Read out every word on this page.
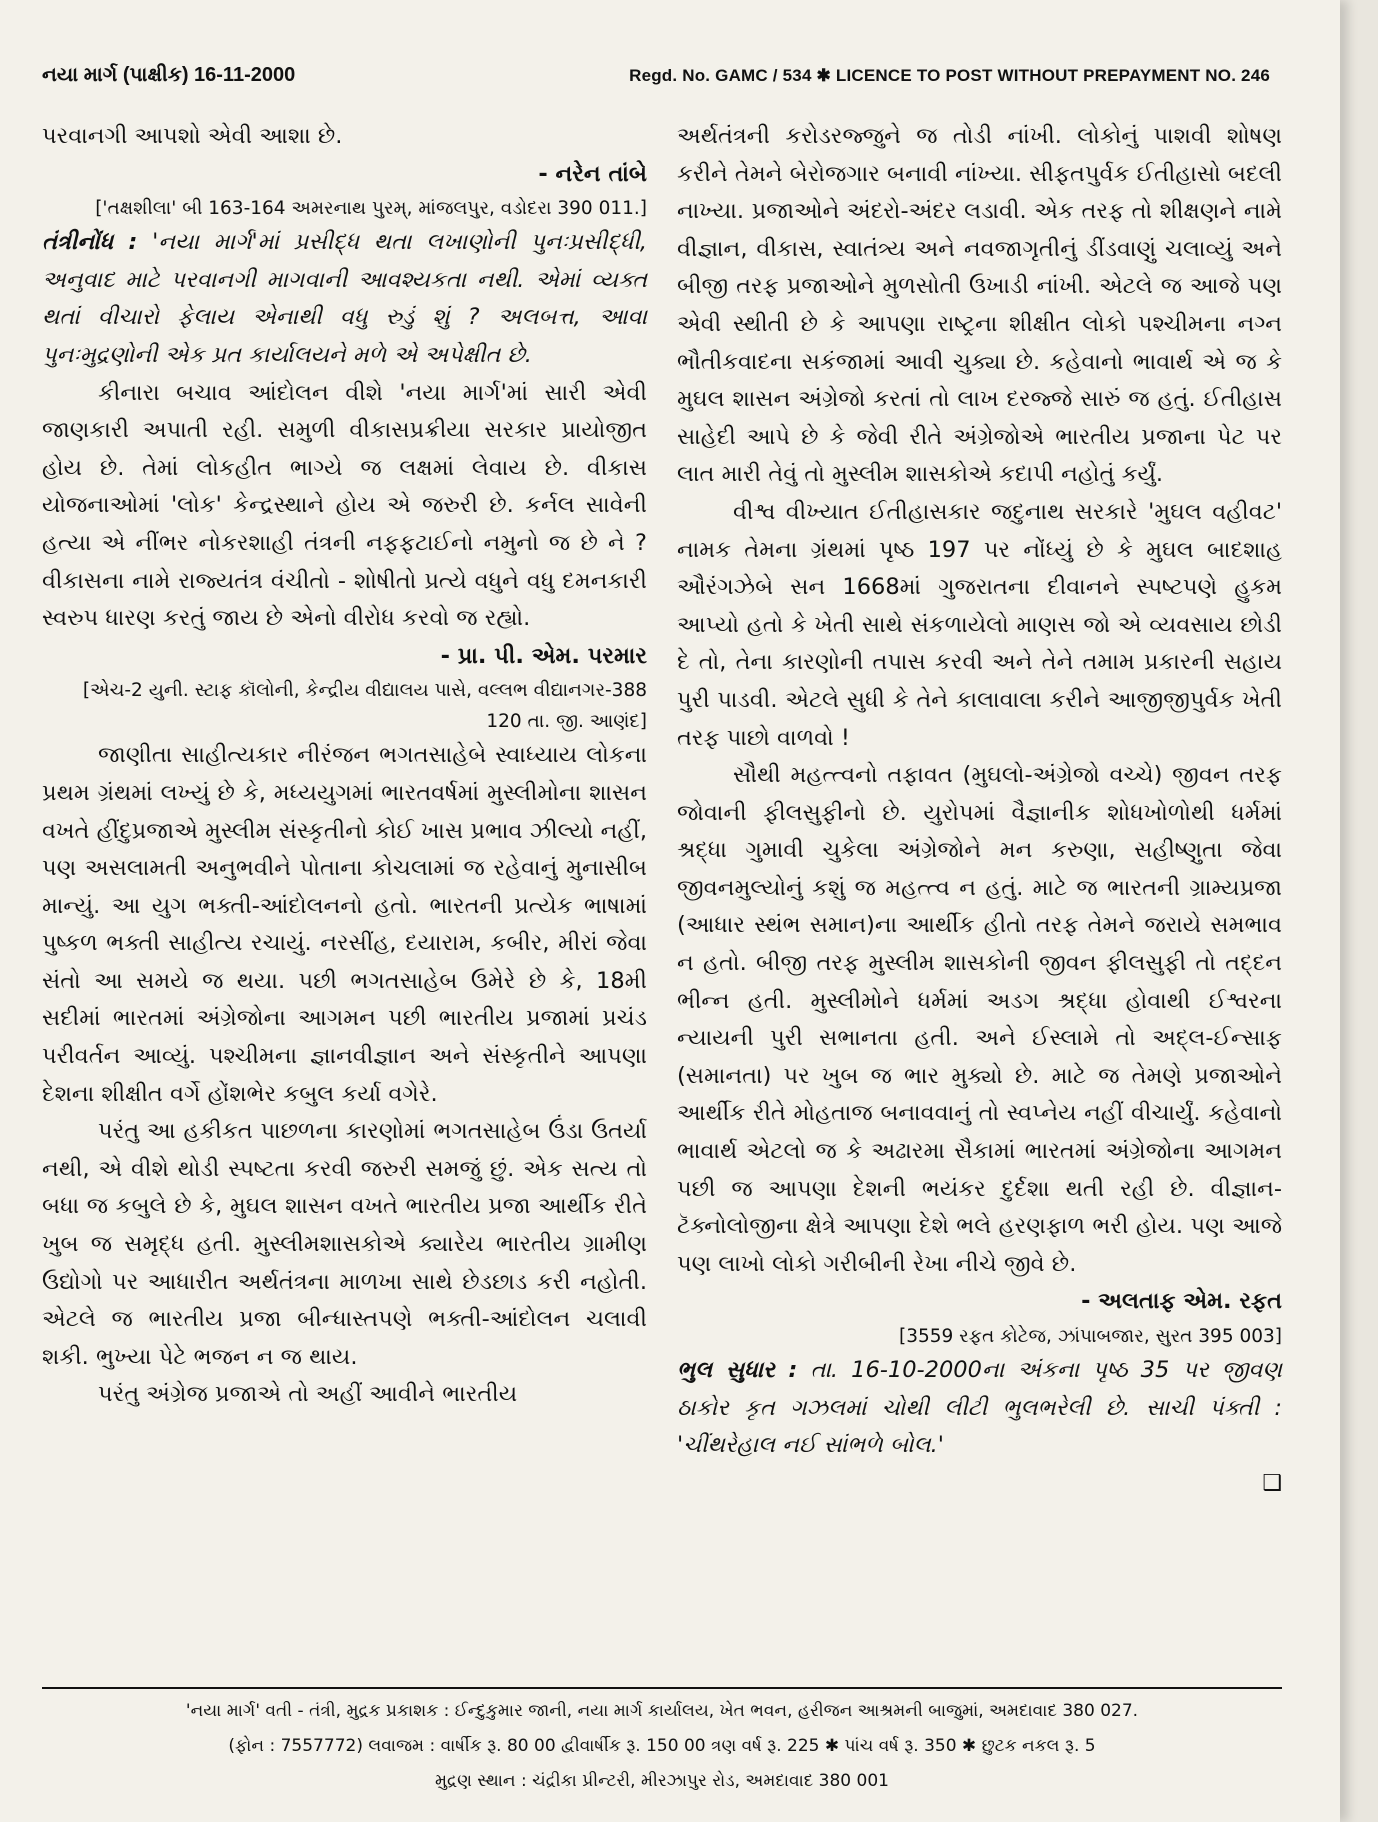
નયા માર્ગ (પાક્ષીક) 16-11-2000	Regd. No. GAMC / 534 ✱ LICENCE TO POST WITHOUT PREPAYMENT NO. 246

પરવાનગી આપશો એવી આશા છે.

- નરેન તાંબે

['તક્ષશીલા' બી 163-164 અમરનાથ પુરમ્, માંજલપુર, વડોદરા 390 011.]

તંત્રીનોંધ : 'નયા માર્ગ'માં પ્રસીદ્ધ થતા લખાણોની પુનઃપ્રસીદ્ધી, અનુવાદ માટે પરવાનગી માગવાની આવશ્યકતા નથી. એમાં વ્યક્ત થતાં વીચારો ફેલાય એનાથી વધુ રુડું શું ? અલબત્ત, આવા પુનઃમુદ્રણોની એક પ્રત કાર્યાલયને મળે એ અપેક્ષીત છે.

કીનારા બચાવ આંદોલન વીશે 'નયા માર્ગ'માં સારી એવી જાણકારી અપાતી રહી. સમુળી વીકાસપ્રક્રીયા સરકાર પ્રાયોજીત હોય છે. તેમાં લોકહીત ભાગ્યે જ લક્ષમાં લેવાય છે. વીકાસ યોજનાઓમાં 'લોક' કેન્દ્રસ્થાને હોય એ જરુરી છે. કર્નલ સાવેની હત્યા એ નીંભર નોકરશાહી તંત્રની નફફટાઈનો નમુનો જ છે ને ? વીકાસના નામે રાજ્યતંત્ર વંચીતો - શોષીતો પ્રત્યે વધુને વધુ દમનકારી સ્વરુપ ધારણ કરતું જાય છે એનો વીરોધ કરવો જ રહ્યો.

- પ્રા. પી. એમ. પરમાર

[એચ-2 યુની. સ્ટાફ કૉલોની, કેન્દ્રીય વીદ્યાલય પાસે, વલ્લભ વીદ્યાનગર-388 120 તા. જી. આણંદ]

જાણીતા સાહીત્યકાર નીરંજન ભગતસાહેબે સ્વાધ્યાય લોકના પ્રથમ ગ્રંથમાં લખ્યું છે કે, મધ્યયુગમાં ભારતવર્ષમાં મુસ્લીમોના શાસન વખતે હીંદુપ્રજાએ મુસ્લીમ સંસ્કૃતીનો કોઈ ખાસ પ્રભાવ ઝીલ્યો નહીં, પણ અસલામતી અનુભવીને પોતાના કોચલામાં જ રહેવાનું મુનાસીબ માન્યું. આ યુગ ભક્તી-આંદોલનનો હતો. ભારતની પ્રત્યેક ભાષામાં પુષ્કળ ભક્તી સાહીત્ય રચાયું. નરસીંહ, દયારામ, કબીર, મીરાં જેવા સંતો આ સમયે જ થયા. પછી ભગતસાહેબ ઉમેરે છે કે, 18મી સદીમાં ભારતમાં અંગ્રેજોના આગમન પછી ભારતીય પ્રજામાં પ્રચંડ પરીવર્તન આવ્યું. પશ્ચીમના જ્ઞાનવીજ્ઞાન અને સંસ્કૃતીને આપણા દેશના શીક્ષીત વર્ગે હોંશભેર કબુલ કર્યા વગેરે.

પરંતુ આ હકીકત પાછળના કારણોમાં ભગતસાહેબ ઉંડા ઉતર્યા નથી, એ વીશે થોડી સ્પષ્ટતા કરવી જરુરી સમજું છું. એક સત્ય તો બધા જ કબુલે છે કે, મુઘલ શાસન વખતે ભારતીય પ્રજા આર્થીક રીતે ખુબ જ સમૃદ્ધ હતી. મુસ્લીમશાસકોએ ક્યારેય ભારતીય ગ્રામીણ ઉદ્યોગો પર આધારીત અર્થતંત્રના માળખા સાથે છેડછાડ કરી નહોતી. એટલે જ ભારતીય પ્રજા બીન્ધાસ્તપણે ભક્તી-આંદોલન ચલાવી શકી. ભુખ્યા પેટે ભજન ન જ થાય.

પરંતુ અંગ્રેજ પ્રજાએ તો અહીં આવીને ભારતીય

અર્થતંત્રની કરોડરજ્જુને જ તોડી નાંખી. લોકોનું પાશવી શોષણ કરીને તેમને બેરોજગાર બનાવી નાંખ્યા. સીફતપુર્વક ઈતીહાસો બદલી નાખ્યા. પ્રજાઓને અંદરો-અંદર લડાવી. એક તરફ તો શીક્ષણને નામે વીજ્ઞાન, વીકાસ, સ્વાતંત્ર્ય અને નવજાગૃતીનું ડીંડવાણું ચલાવ્યું અને બીજી તરફ પ્રજાઓને મુળસોતી ઉખાડી નાંખી. એટલે જ આજે પણ એવી સ્થીતી છે કે આપણા રાષ્ટ્રના શીક્ષીત લોકો પશ્ચીમના નગ્ન ભૌતીકવાદના સકંજામાં આવી ચુક્યા છે. કહેવાનો ભાવાર્થ એ જ કે મુઘલ શાસન અંગ્રેજો કરતાં તો લાખ દરજ્જે સારું જ હતું. ઈતીહાસ સાહેદી આપે છે કે જેવી રીતે અંગ્રેજોએ ભારતીય પ્રજાના પેટ પર લાત મારી તેવું તો મુસ્લીમ શાસકોએ કદાપી નહોતું કર્યું.

વીશ્વ વીખ્યાત ઈતીહાસકાર જદુનાથ સરકારે 'મુઘલ વહીવટ' નામક તેમના ગ્રંથમાં પૃષ્ઠ 197 પર નોંધ્યું છે કે મુઘલ બાદશાહ ઔરંગઝેબે સન 1668માં ગુજરાતના દીવાનને સ્પષ્ટપણે હુકમ આપ્યો હતો કે ખેતી સાથે સંકળાયેલો માણસ જો એ વ્યવસાય છોડી દે તો, તેના કારણોની તપાસ કરવી અને તેને તમામ પ્રકારની સહાય પુરી પાડવી. એટલે સુધી કે તેને કાલાવાલા કરીને આજીજીપુર્વક ખેતી તરફ પાછો વાળવો !

સૌથી મહત્ત્વનો તફાવત (મુઘલો-અંગ્રેજો વચ્ચે) જીવન તરફ જોવાની ફીલસુફીનો છે. યુરોપમાં વૈજ્ઞાનીક શોધખોળોથી ધર્મમાં શ્રદ્ધા ગુમાવી ચુકેલા અંગ્રેજોને મન કરુણા, સહીષ્ણુતા જેવા જીવનમુલ્યોનું કશું જ મહત્ત્વ ન હતું. માટે જ ભારતની ગ્રામ્યપ્રજા (આધાર સ્થંભ સમાન)ના આર્થીક હીતો તરફ તેમને જરાયે સમભાવ ન હતો. બીજી તરફ મુસ્લીમ શાસકોની જીવન ફીલસુફી તો તદ્દન ભીન્ન હતી. મુસ્લીમોને ધર્મમાં અડગ શ્રદ્ધા હોવાથી ઈશ્વરના ન્યાયની પુરી સભાનતા હતી. અને ઈસ્લામે તો અદ્લ-ઈન્સાફ (સમાનતા) પર ખુબ જ ભાર મુક્યો છે. માટે જ તેમણે પ્રજાઓને આર્થીક રીતે મોહતાજ બનાવવાનું તો સ્વપ્નેય નહીં વીચાર્યું. કહેવાનો ભાવાર્થ એટલો જ કે અઢારમા સૈકામાં ભારતમાં અંગ્રેજોના આગમન પછી જ આપણા દેશની ભયંકર દુર્દશા થતી રહી છે. વીજ્ઞાન-ટૅક્નોલોજીના ક્ષેત્રે આપણા દેશે ભલે હરણફાળ ભરી હોય. પણ આજે પણ લાખો લોકો ગરીબીની રેખા નીચે જીવે છે.

- અલતાફ એમ. રફત

[3559 રફત કોટેજ, ઝાંપાબજાર, સુરત 395 003]

ભુલ સુધાર : તા. 16-10-2000ના અંકના પૃષ્ઠ 35 પર જીવણ ઠાકોર કૃત ગઝલમાં ચોથી લીટી ભુલભરેલી છે. સાચી પંક્તી : 'ચીંથરેહાલ નઈ સાંભળે બોલ.'

❑

'નયા માર્ગ' વતી - તંત્રી, મુદ્રક પ્રકાશક : ઈન્દુકુમાર જાની, નયા માર્ગ કાર્યાલય, ખેત ભવન, હરીજન આશ્રમની બાજુમાં, અમદાવાદ 380 027.
(ફોન : 7557772) લવાજમ : વાર્ષીક રૂ. 80 00 દ્વીવાર્ષીક રૂ. 150 00 ત્રણ વર્ષ રૂ. 225 ✱ પાંચ વર્ષ રૂ. 350 ✱ છુટક નકલ રૂ. 5
મુદ્રણ સ્થાન : ચંદ્રીકા પ્રીન્ટરી, મીરઝાપુર રોડ, અમદાવાદ 380 001
